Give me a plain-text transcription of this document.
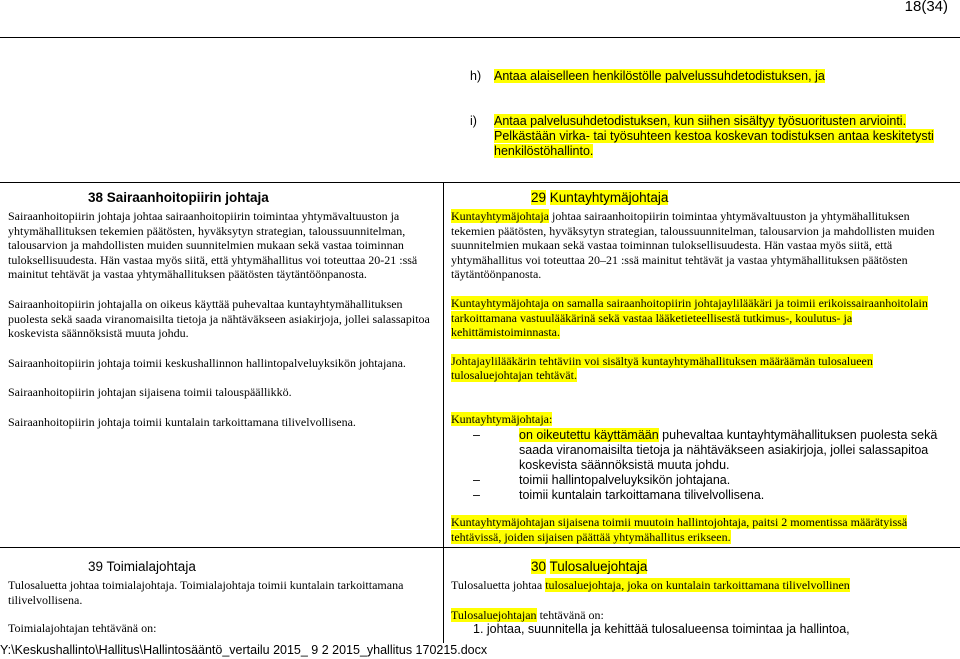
18(34)
h) Antaa alaiselleen henkilöstölle palvelussuhdetodistuksen, ja
i) Antaa palvelusuhdetodistuksen, kun siihen sisältyy työsuoritusten arviointi.
Pelkästään virka- tai työsuhteen kestoa koskevan todistuksen antaa keskitetysti
henkilöstöhallinto.
38 Sairaanhoitopiirin johtaja

Sairaanhoitopiirin johtaja johtaa sairaanhoitopiirin toimintaa yhtymävaltuuston ja yhtymähallituksen tekemien päätösten, hyväksytyn strategian, taloussuunnitelman, talousarvion ja mahdollisten muiden suunnitelmien mukaan sekä vastaa toiminnan tuloksellisuudesta. Hän vastaa myös siitä, että yhtymähallitus voi toteuttaa 20-21 :ssä mainitut tehtävät ja vastaa yhtymähallituksen päätösten täytäntöönpanosta.

Sairaanhoitopiirin johtajalla on oikeus käyttää puhevaltaa kuntayhtymähallituksen puolesta sekä saada viranomaisilta tietoja ja nähtäväkseen asiakirjoja, jollei salassapitoa koskevista säännöksistä muuta johdu.

Sairaanhoitopiirin johtaja toimii keskushallinnon hallintopalveluyksikön johtajana.

Sairaanhoitopiirin johtajan sijaisena toimii talouspäällikkö.

Sairaanhoitopiirin johtaja toimii kuntalain tarkoittamana tilivelvollisena.

39 Toimialajohtaja

Tulosaluetta johtaa toimialajohtaja. Toimialajohtaja toimii kuntalain tarkoittamana tilivelvollisena.

Toimialajohtajan tehtävänä on:

29 Kuntayhtymäjohtaja

Kuntayhtymäjohtaja johtaa sairaanhoitopiirin toimintaa yhtymävaltuuston ja yhtymähallituksen tekemien päätösten, hyväksytyn strategian, taloussuunnitelman, talousarvion ja mahdollisten muiden suunnitelmien mukaan sekä vastaa toiminnan tuloksellisuudesta. Hän vastaa myös siitä, että yhtymähallitus voi toteuttaa 20–21 :ssä mainitut tehtävät ja vastaa yhtymähallituksen päätösten täytäntöönpanosta.

Kuntayhtymäjohtaja on samalla sairaanhoitopiirin johtajaylilääkäri ja toimii erikoissairaanhoitolain tarkoittamana vastuulääkärinä sekä vastaa lääketieteellisestä tutkimus-, koulutus- ja kehittämistoiminnasta.

Johtajaylilääkärin tehtäviin voi sisältyä kuntayhtymähallituksen määräämän tulosalueen tulosaluejohtajan tehtävät.

Kuntayhtymäjohtaja:

–	on oikeutettu käyttämään puhevaltaa kuntayhtymähallituksen puolesta sekä saada viranomaisilta tietoja ja nähtäväkseen asiakirjoja, jollei salassapitoa koskevista säännöksistä muuta johdu.
–	toimii hallintopalveluyksikön johtajana.
–	toimii kuntalain tarkoittamana tilivelvollisena.
Kuntayhtymäjohtajan sijaisena toimii muutoin hallintojohtaja, paitsi 2 momentissa määrätyissä tehtävissä, joiden sijaisen päättää yhtymähallitus erikseen.
30 Tulosaluejohtaja

Tulosaluetta johtaa tulosaluejohtaja, joka on kuntalain tarkoittamana tilivelvollinen

Tulosaluejohtajan tehtävänä on:

1. johtaa, suunnitella ja kehittää tulosalueensa toimintaa ja hallintoa,
Y:\Keskushallinto\Hallitus\Hallintosääntö_vertailu 2015_ 9 2 2015_yhallitus 170215.docx
